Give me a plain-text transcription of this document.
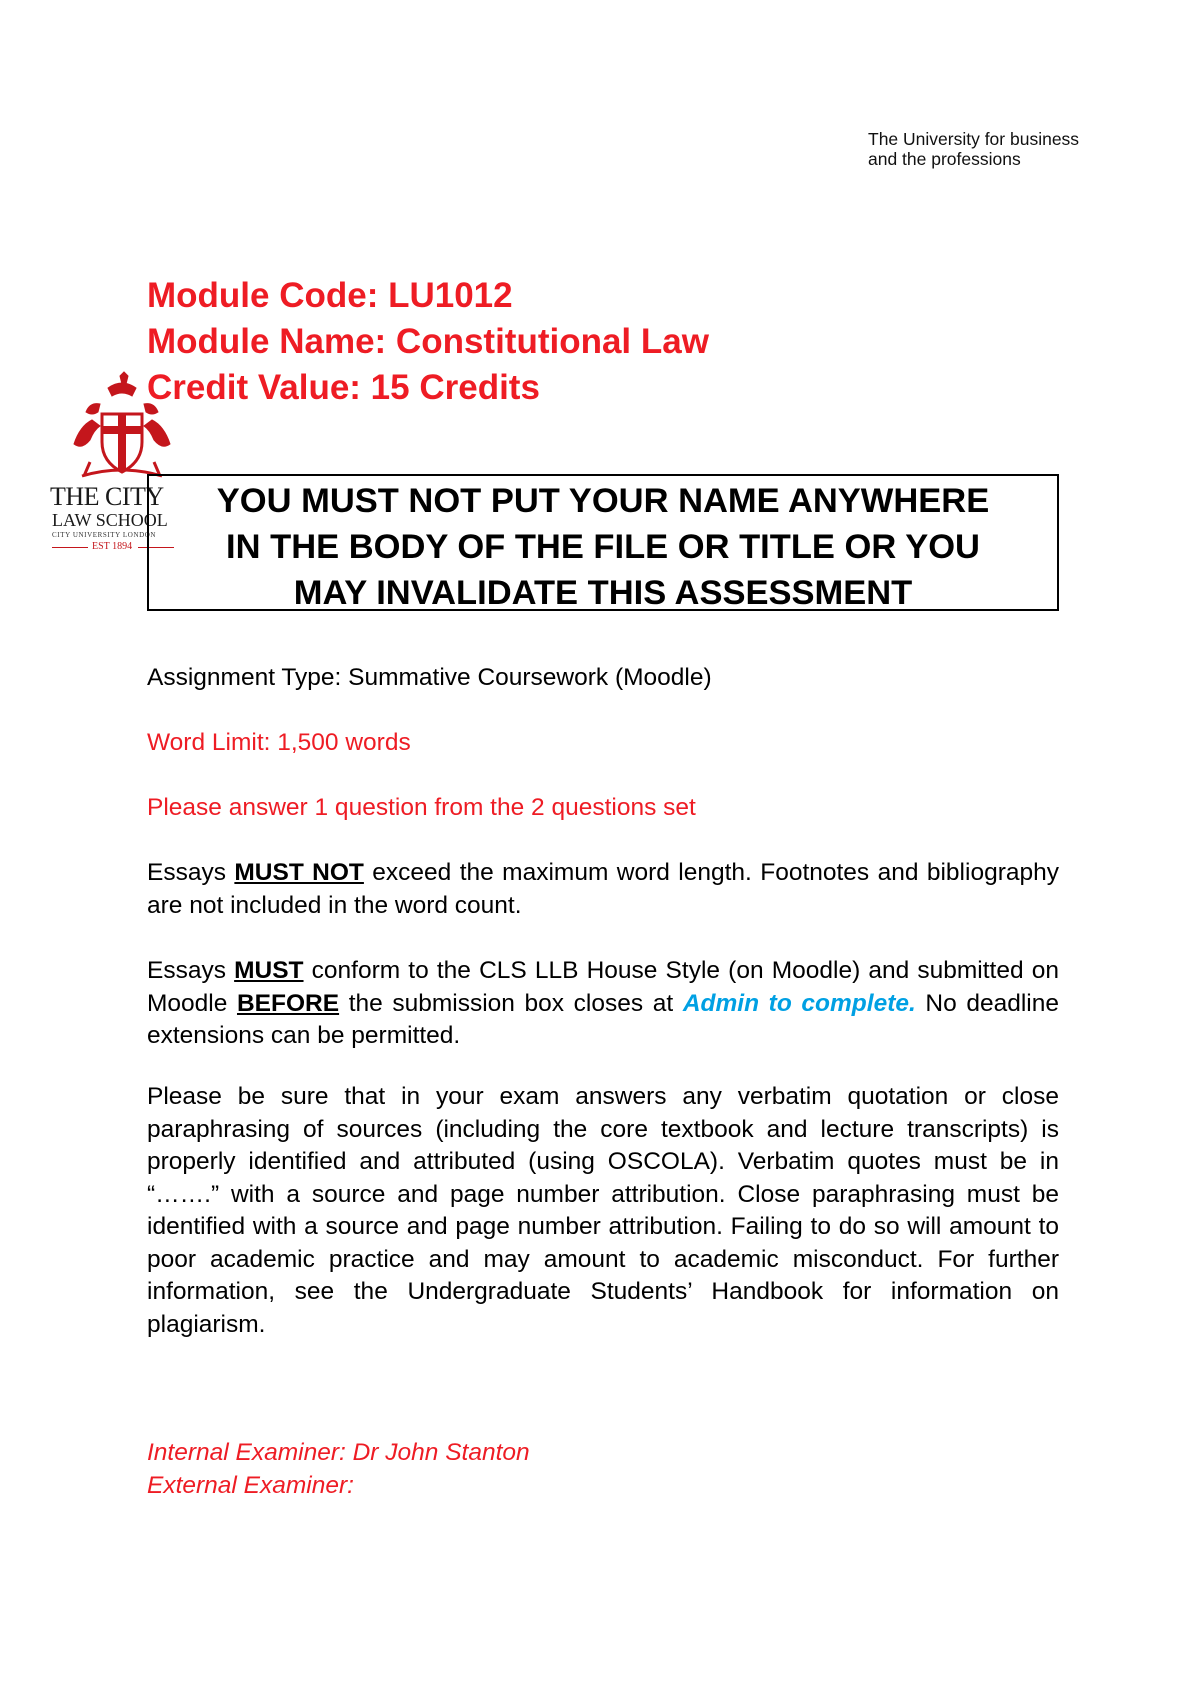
The University for business
and the professions
THE CITY
LAW SCHOOL
CITY UNIVERSITY LONDON
EST 1894
Module Code: LU1012
Module Name: Constitutional Law
Credit Value: 15 Credits
YOU MUST NOT PUT YOUR NAME ANYWHERE
IN THE BODY OF THE FILE OR TITLE OR YOU
MAY INVALIDATE THIS ASSESSMENT
Assignment Type: Summative Coursework (Moodle)
Word Limit: 1,500 words
Please answer 1 question from the 2 questions set
Essays MUST NOT exceed the maximum word length. Footnotes and bibliography are not included in the word count.
Essays MUST conform to the CLS LLB House Style (on Moodle) and submitted on Moodle BEFORE the submission box closes at Admin to complete. No deadline extensions can be permitted.
Please be sure that in your exam answers any verbatim quotation or close paraphrasing of sources (including the core textbook and lecture transcripts) is properly identified and attributed (using OSCOLA). Verbatim quotes must be in “…….” with a source and page number attribution. Close paraphrasing must be identified with a source and page number attribution. Failing to do so will amount to poor academic practice and may amount to academic misconduct. For further information, see the Undergraduate Students’ Handbook for information on plagiarism.
Internal Examiner: Dr John Stanton
External Examiner:
